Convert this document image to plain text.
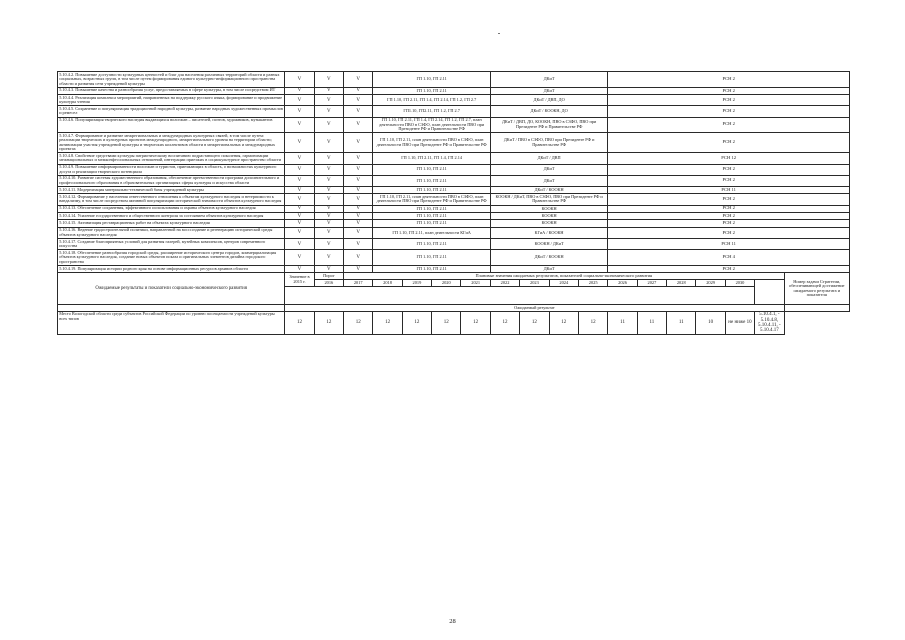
5.10.4.2. Повышение доступности культурных ценностей и благ для населения различных территорий области и разных социальных, возрастных групп, в том числе путем формирования единого культурно-информационного пространства области и развития сети учреждений культуры	V	V	V	ГП 1.10, ГП 2.11				ДКиТ				РСН 2						
5.10.4.3. Повышение качества и разнообразия услуг, предоставляемых в сфере культуры, в том числе посредством ИТ	V	V	V	ГП 1.10, ГП 2.11				ДКиТ				РСН 2						
5.10.4.4. Реализация комплекса мероприятий, направленных на поддержку русского языка, формирование и продвижение культуры чтения	V	V	V	ГП 1.10, ГП 2.11, ГП 1.4, ГП 2.14, ГП 1.2, ГП 2.7				ДКиТ / ДВП, ДО				РСН 2						
5.10.4.5. Сохранение и популяризация традиционной народной культуры, развитие народных художественных промыслов и ремесел	V	V	V	ГП1.10, ГП2.11, ГП 1.2, ГП 2.7				ДКиТ / КООКН, ДО				РСН 2						
5.10.4.6. Популяризация творческого наследия выдающихся вологжан – писателей, поэтов, художников, музыкантов	V	V	V	ГП 1.10, ГП 2.11, ГП 1.4, ГП 2.14, ГП 1.2, ГП 2.7, план деятельности ПВО в СЗФО, план деятельности ПВО при Президенте РФ и Правительстве РФ				ДКиТ / ДВП, ДО, КООКН, ПВО в СЗФО, ПВО при Президенте РФ и Правительстве РФ				РСН 2						
5.10.4.7. Формирование и развитие межрегиональных и международных культурных связей, в том числе путем: реализации творческих и культурных проектов международного, межрегионального уровня на территории области; активизации участия учреждений культуры и творческих коллективов области в межрегиональных и международных проектах	V	V	V	ГП 1.10, ГП 2.11, план деятельности ПВО в СЗФО, план деятельности ПВО при Президенте РФ и Правительстве РФ				ДКиТ / ПВО в СЗФО, ПВО при Президенте РФ и Правительстве РФ				РСН 2						
5.10.4.8. Свойствие средствами культуры патриотическому воспитанию подрастающего поколения, гармонизации межнациональных и межконфессиональных отношений, интеграции приезжих в социокультурное пространство области	V	V	V	ГП 1.10, ГП 2.11, ГП 1.4, ГП 2.14				ДКиТ / ДВП				РСН 12						
5.10.4.9. Повышение информированности вологжан и туристов, приезжающих в область, о возможностях культурного досуга и реализации творческого потенциала	V	V	V	ГП 1.10, ГП 2.11				ДКиТ				РСН 2						
5.10.4.10. Развитие системы художественного образования, обеспечение преемственности программ дополнительного и профессионального образования в образовательных организациях сферы культуры и искусства области	V	V	V	ГП 1.10, ГП 2.11				ДКиТ				РСН 2						
5.10.4.11. Модернизация материально-технической базы учреждений культуры	V	V	V	ГП 1.10, ГП 2.11				ДКиТ / КООКН				РСН 11						
5.10.4.12. Формирование у населения ответственного отношения к объектам культурного наследия и нетерпимости к вандализму, в том числе посредством активной популяризации исторической значимости объектов культурного наследия	V	V	V	ГП 1.10, ГП 2.11, план деятельности ПВО в СЗФО, план деятельности ПВО при Президенте РФ и Правительстве РФ				КООКН / ДКиТ, ПВО в СЗФО, ПВО при Президенте РФ и Правительстве РФ				РСН 2						
5.10.4.13. Обеспечение сохранения, эффективного использования и охраны объектов культурного наследия	V	V	V	ГП 1.10, ГП 2.11				КООКН				РСН 2						
5.10.4.14. Усиление государственного и общественного контроля за состоянием объектов культурного наследия	V	V	V	ГП 1.10, ГП 2.11				КООКН				РСН 2						
5.10.4.15. Активизация реставрационных работ на объектах культурного наследия	V	V	V	ГП 1.10, ГП 2.11				КООКН				РСН 2						
5.10.4.16. Ведение градостроительной политики, направленной на восссоздание и регенерацию исторической среды объектов культурного наследия	V	V	V	ГП 1.10, ГП 2.11, план деятельности КГиА				КГиА / КООКН				РСН 2						
5.10.4.17. Создание благоприятных условий для развития галерей, музейных комплексов, центров современного искусства	V	V	V	ГП 1.10, ГП 2.11				КООКН / ДКиТ				РСН 11						
5.10.4.18. Обеспечение разнообразия городской среды, расширение исторического центра городов, коммерциализация объектов культурного наследия, создание новых объектов показа и оригинальных элементов дизайна городского пространства	V	V	V	ГП 1.10, ГП 2.11				ДКиТ / КООКН				РСН 4						
5.10.4.19. Популяризация истории родного края на основе информационных ресурсов архивов области	V	V	V	ГП 1.10, ГП 2.11				ДКиТ				РСН 2						
Ожидаемые результаты и показатели социально-экономического развития	Значение в 2015 г.	Порог	Плановые значения ожидаемых результатов, показателей социально-экономического развития															Номер задачи Стратегии, обеспечивающей достижение ожидаемого результата и показателя
		2016	2017	2018	2019	2020	2021	2022	2023	2024	2025	2026	2027	2028	2029	2030		

	Ожидаемый результат																	
Место Вологодской области среди субъектов Российской Федерации по уровню посещаемости учреждений культуры всех типов	12	12	12	12	12	12	12	12	12	12	12	11	11	11	10	не ниже 10	5.10.4.1, - 5.10.4.8, 5.10.4.11, - 5.10.4.17	
28
